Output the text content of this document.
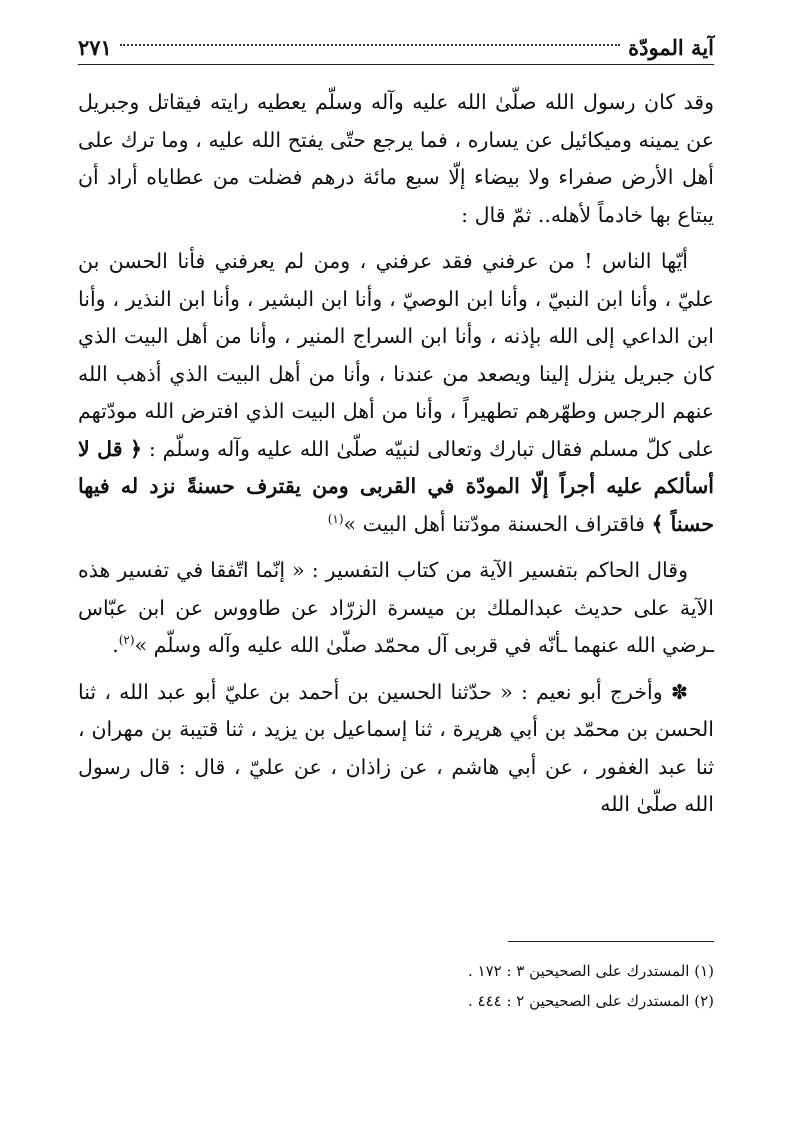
آية المودّة
٢٧١

وقد كان رسول الله صلّىٰ الله عليه وآله وسلّم يعطيه رايته فيقاتل وجبريل عن يمينه وميكائيل عن يساره ، فما يرجع حتّى يفتح الله عليه ، وما ترك على أهل الأرض صفراء ولا بيضاء إلّا سبع مائة درهم فضلت من عطاياه أراد أن يبتاع بها خادماً لأهله.. ثمّ قال :

أيّها الناس ! من عرفني فقد عرفني ، ومن لم يعرفني فأنا الحسن بن عليّ ، وأنا ابن النبيّ ، وأنا ابن الوصيّ ، وأنا ابن البشير ، وأنا ابن النذير ، وأنا ابن الداعي إلى الله بإذنه ، وأنا ابن السراج المنير ، وأنا من أهل البيت الذي كان جبريل ينزل إلينا ويصعد من عندنا ، وأنا من أهل البيت الذي أذهب الله عنهم الرجس وطهّرهم تطهيراً ، وأنا من أهل البيت الذي افترض الله مودّتهم على كلّ مسلم فقال تبارك وتعالى لنبيّه صلّىٰ الله عليه وآله وسلّم : ﴿ قل لا أسألكم عليه أجراً إلّا المودّة في القربى ومن يقترف حسنةً نزد له فيها حسناً ﴾ فاقتراف الحسنة مودّتنا أهل البيت »$^{(١)}$

وقال الحاكم بتفسير الآية من كتاب التفسير : « إنّما اتّفقا في تفسير هذه الآية على حديث عبدالملك بن ميسرة الزرّاد عن طاووس عن ابن عبّاس ـرضي الله عنهما ـأنّه في قربى آل محمّد صلّىٰ الله عليه وآله وسلّم »$^{(٢)}$.

✽ وأخرج أبو نعيم : « حدّثنا الحسين بن أحمد بن عليّ أبو عبد الله ، ثنا الحسن بن محمّد بن أبي هريرة ، ثنا إسماعيل بن يزيد ، ثنا قتيبة بن مهران ، ثنا عبد الغفور ، عن أبي هاشم ، عن زاذان ، عن عليّ ، قال : قال رسول الله صلّىٰ الله

(١) المستدرك على الصحيحين ٣ : ١٧٢ .
(٢) المستدرك على الصحيحين ٢ : ٤٤٤ .
